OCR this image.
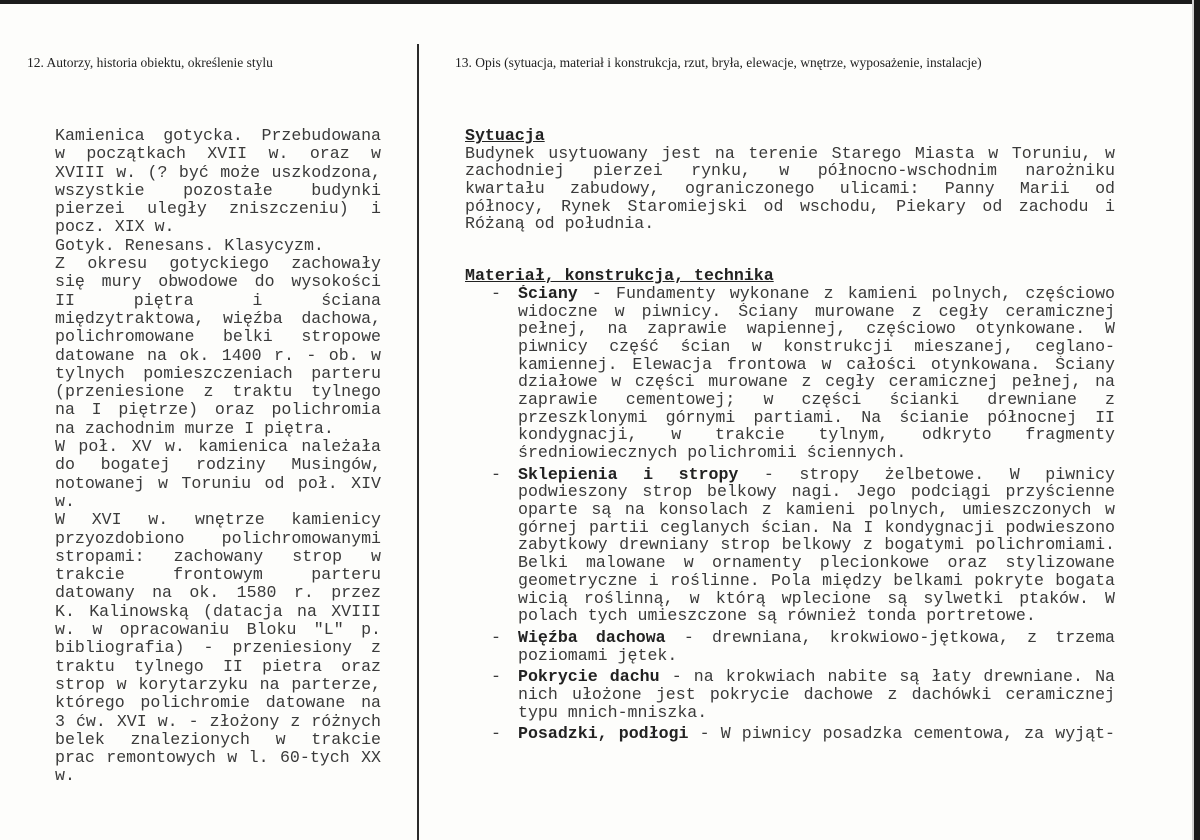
12. Autorzy, historia obiektu, określenie stylu	13. Opis (sytuacja, materiał i konstrukcja, rzut, bryła, elewacje, wnętrze, wyposażenie, instalacje)
Kamienica gotycka. Przebudowana
w początkach XVII w. oraz w
XVIII w. (? być może uszkodzona,
wszystkie pozostałe budynki
pierzei uległy zniszczeniu) i
pocz. XIX w.
Gotyk. Renesans. Klasycyzm.
Z okresu gotyckiego zachowały
się mury obwodowe do wysokości
II piętra i ściana
międzytraktowa, więźba dachowa,
polichromowane belki stropowe
datowane na ok. 1400 r. - ob. w
tylnych pomieszczeniach parteru
(przeniesione z traktu tylnego
na I piętrze) oraz polichromia
na zachodnim murze I piętra.
W poł. XV w. kamienica należała
do bogatej rodziny Musingów,
notowanej w Toruniu od poł. XIV
w.
W XVI w. wnętrze kamienicy
przyozdobiono polichromowanymi
stropami: zachowany strop w
trakcie frontowym parteru
datowany na ok. 1580 r. przez
K. Kalinowską (datacja na XVIII
w. w opracowaniu Bloku "L" p.
bibliografia) - przeniesiony z
traktu tylnego II pietra oraz
strop w korytarzyku na parterze,
którego polichromie datowane na
3 ćw. XVI w. - złożony z różnych
belek znalezionych w trakcie
prac remontowych w l. 60-tych XX
w.
Sytuacja
Budynek usytuowany jest na terenie Starego Miasta w Toruniu, w
zachodniej pierzei rynku, w północno-wschodnim narożniku
kwartału zabudowy, ograniczonego ulicami: Panny Marii od
północy, Rynek Staromiejski od wschodu, Piekary od zachodu i
Różaną od południa.
Materiał, konstrukcja, technika
- Ściany - Fundamenty wykonane z kamieni polnych, częściowo
widoczne w piwnicy. Ściany murowane z cegły ceramicznej
pełnej, na zaprawie wapiennej, częściowo otynkowane. W
piwnicy część ścian w konstrukcji mieszanej, ceglano-
kamiennej. Elewacja frontowa w całości otynkowana. Ściany
działowe w części murowane z cegły ceramicznej pełnej, na
zaprawie cementowej; w części ścianki drewniane z
przeszklonymi górnymi partiami. Na ścianie północnej II
kondygnacji, w trakcie tylnym, odkryto fragmenty
średniowiecznych polichromii ściennych.
- Sklepienia i stropy - stropy żelbetowe. W piwnicy
podwieszony strop belkowy nagi. Jego podciągi przyścienne
oparte są na konsolach z kamieni polnych, umieszczonych w
górnej partii ceglanych ścian. Na I kondygnacji podwieszono
zabytkowy drewniany strop belkowy z bogatymi polichromiami.
Belki malowane w ornamenty plecionkowe oraz stylizowane
geometryczne i roślinne. Pola między belkami pokryte bogata
wicią roślinną, w którą wplecione są sylwetki ptaków. W
polach tych umieszczone są również tonda portretowe.
- Więźba dachowa - drewniana, krokwiowo-jętkowa, z trzema
poziomami jętek.
- Pokrycie dachu - na krokwiach nabite są łaty drewniane. Na
nich ułożone jest pokrycie dachowe z dachówki ceramicznej
typu mnich-mniszka.
- Posadzki, podłogi - W piwnicy posadzka cementowa, za wyjąt-
